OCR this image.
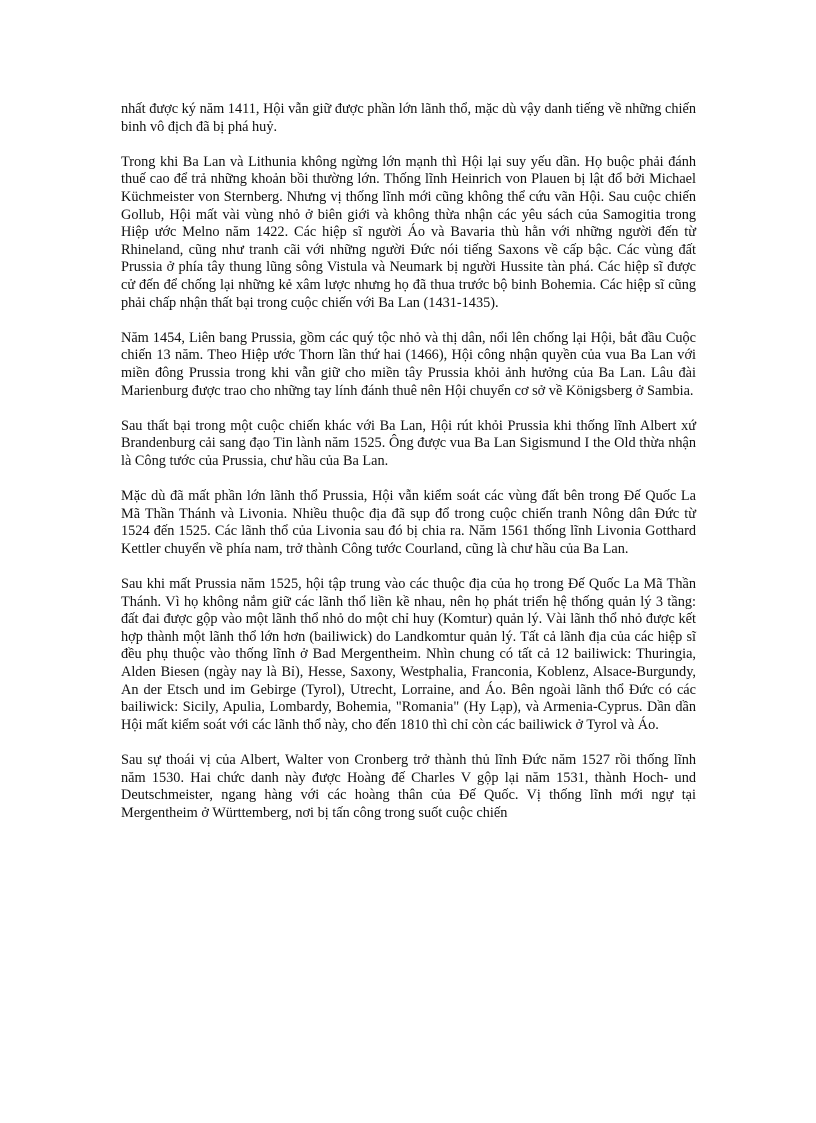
nhất được ký năm 1411, Hội vẫn giữ được phần lớn lãnh thổ, mặc dù vậy danh tiếng về những chiến binh vô địch đã bị phá huỷ.

Trong khi Ba Lan và Lithunia không ngừng lớn mạnh thì Hội lại suy yếu dần. Họ buộc phải đánh thuế cao để trả những khoản bồi thường lớn. Thống lĩnh Heinrich von Plauen bị lật đổ bởi Michael Küchmeister von Sternberg. Nhưng vị thống lĩnh mới cũng không thể cứu vãn Hội. Sau cuộc chiến Gollub, Hội mất vài vùng nhỏ ở biên giới và không thừa nhận các yêu sách của Samogitia trong Hiệp ước Melno năm 1422. Các hiệp sĩ người Áo và Bavaria thù hằn với những người đến từ Rhineland, cũng như tranh cãi với những người Đức nói tiếng Saxons về cấp bậc. Các vùng đất Prussia ở phía tây thung lũng sông Vistula và Neumark bị người Hussite tàn phá. Các hiệp sĩ được cử đến để chống lại những kẻ xâm lược nhưng họ đã thua trước bộ binh Bohemia. Các hiệp sĩ cũng phải chấp nhận thất bại trong cuộc chiến với Ba Lan (1431-1435).

Năm 1454, Liên bang Prussia, gồm các quý tộc nhỏ và thị dân, nổi lên chống lại Hội, bắt đầu Cuộc chiến 13 năm. Theo Hiệp ước Thorn lần thứ hai (1466), Hội công nhận quyền của vua Ba Lan với miền đông Prussia trong khi vẫn giữ cho miền tây Prussia khỏi ảnh hưởng của Ba Lan. Lâu đài Marienburg được trao cho những tay lính đánh thuê nên Hội chuyển cơ sở về Königsberg ở Sambia.

Sau thất bại trong một cuộc chiến khác với Ba Lan, Hội rút khỏi Prussia khi thống lĩnh Albert xứ Brandenburg cải sang đạo Tin lành năm 1525. Ông được vua Ba Lan Sigismund I the Old thừa nhận là Công tước của Prussia, chư hầu của Ba Lan.

Mặc dù đã mất phần lớn lãnh thổ Prussia, Hội vẫn kiểm soát các vùng đất bên trong Đế Quốc La Mã Thần Thánh và Livonia. Nhiều thuộc địa đã sụp đổ trong cuộc chiến tranh Nông dân Đức từ 1524 đến 1525. Các lãnh thổ của Livonia sau đó bị chia ra. Năm 1561 thống lĩnh Livonia Gotthard Kettler chuyển về phía nam, trở thành Công tước Courland, cũng là chư hầu của Ba Lan.

Sau khi mất Prussia năm 1525, hội tập trung vào các thuộc địa của họ trong Đế Quốc La Mã Thần Thánh. Vì họ không nắm giữ các lãnh thổ liền kề nhau, nên họ phát triển hệ thống quản lý 3 tầng: đất đai được gộp vào một lãnh thổ nhỏ do một chỉ huy (Komtur) quản lý. Vài lãnh thổ nhỏ được kết hợp thành một lãnh thổ lớn hơn (bailiwick) do Landkomtur quản lý. Tất cả lãnh địa của các hiệp sĩ đều phụ thuộc vào thống lĩnh ở Bad Mergentheim. Nhìn chung có tất cả 12 bailiwick: Thuringia, Alden Biesen (ngày nay là Bỉ), Hesse, Saxony, Westphalia, Franconia, Koblenz, Alsace-Burgundy, An der Etsch und im Gebirge (Tyrol), Utrecht, Lorraine, and Áo. Bên ngoài lãnh thổ Đức có các bailiwick: Sicily, Apulia, Lombardy, Bohemia, "Romania" (Hy Lạp), và Armenia-Cyprus. Dần dần Hội mất kiểm soát với các lãnh thổ này, cho đến 1810 thì chỉ còn các bailiwick ở Tyrol và Áo.

Sau sự thoái vị của Albert, Walter von Cronberg trở thành thủ lĩnh Đức năm 1527 rồi thống lĩnh năm 1530. Hai chức danh này được Hoàng đế Charles V gộp lại năm 1531, thành Hoch- und Deutschmeister, ngang hàng với các hoàng thân của Đế Quốc. Vị thống lĩnh mới ngự tại Mergentheim ở Württemberg, nơi bị tấn công trong suốt cuộc chiến
